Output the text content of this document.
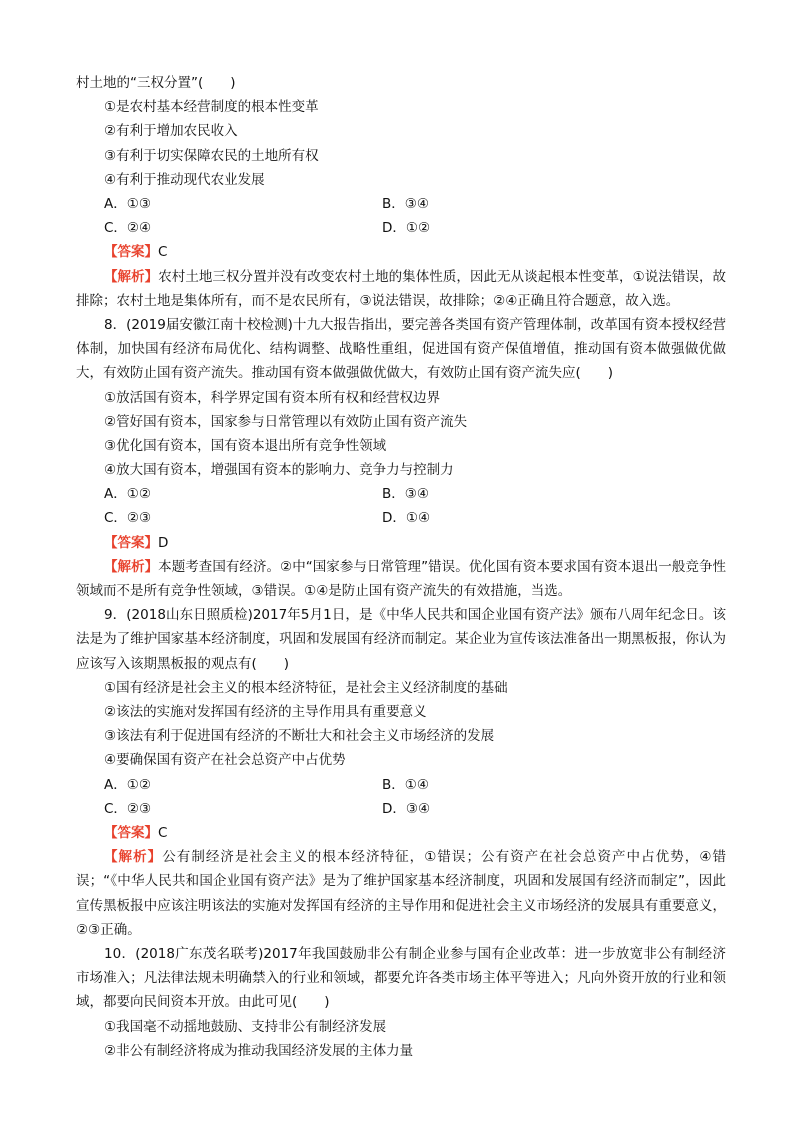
村土地的“三权分置”(　　)
①是农村基本经营制度的根本性变革
②有利于增加农民收入
③有利于切实保障农民的土地所有权
④有利于推动现代农业发展
A．①③	B．③④
C．②④	D．①②
【答案】C
【解析】农村土地三权分置并没有改变农村土地的集体性质，因此无从谈起根本性变革，①说法错误，故排除；农村土地是集体所有，而不是农民所有，③说法错误，故排除；②④正确且符合题意，故入选。
8．(2019届安徽江南十校检测)十九大报告指出，要完善各类国有资产管理体制，改革国有资本授权经营体制，加快国有经济布局优化、结构调整、战略性重组，促进国有资产保值增值，推动国有资本做强做优做大，有效防止国有资产流失。推动国有资本做强做优做大，有效防止国有资产流失应(　　)
①放活国有资本，科学界定国有资本所有权和经营权边界
②管好国有资本，国家参与日常管理以有效防止国有资产流失
③优化国有资本，国有资本退出所有竞争性领域
④放大国有资本，增强国有资本的影响力、竞争力与控制力
A．①②	B．③④
C．②③	D．①④
【答案】D
【解析】本题考查国有经济。②中“国家参与日常管理”错误。优化国有资本要求国有资本退出一般竞争性领域而不是所有竞争性领域，③错误。①④是防止国有资产流失的有效措施，当选。
9．(2018山东日照质检)2017年5月1日，是《中华人民共和国企业国有资产法》颁布八周年纪念日。该法是为了维护国家基本经济制度，巩固和发展国有经济而制定。某企业为宣传该法准备出一期黑板报，你认为应该写入该期黑板报的观点有(　　)
①国有经济是社会主义的根本经济特征，是社会主义经济制度的基础
②该法的实施对发挥国有经济的主导作用具有重要意义
③该法有利于促进国有经济的不断壮大和社会主义市场经济的发展
④要确保国有资产在社会总资产中占优势
A．①②	B．①④
C．②③	D．③④
【答案】C
【解析】公有制经济是社会主义的根本经济特征，①错误；公有资产在社会总资产中占优势，④错误；“《中华人民共和国企业国有资产法》是为了维护国家基本经济制度，巩固和发展国有经济而制定”，因此宣传黑板报中应该注明该法的实施对发挥国有经济的主导作用和促进社会主义市场经济的发展具有重要意义，②③正确。
10．(2018广东茂名联考)2017年我国鼓励非公有制企业参与国有企业改革：进一步放宽非公有制经济市场准入；凡法律法规未明确禁入的行业和领域，都要允许各类市场主体平等进入；凡向外资开放的行业和领域，都要向民间资本开放。由此可见(　　)
①我国毫不动摇地鼓励、支持非公有制经济发展
②非公有制经济将成为推动我国经济发展的主体力量
